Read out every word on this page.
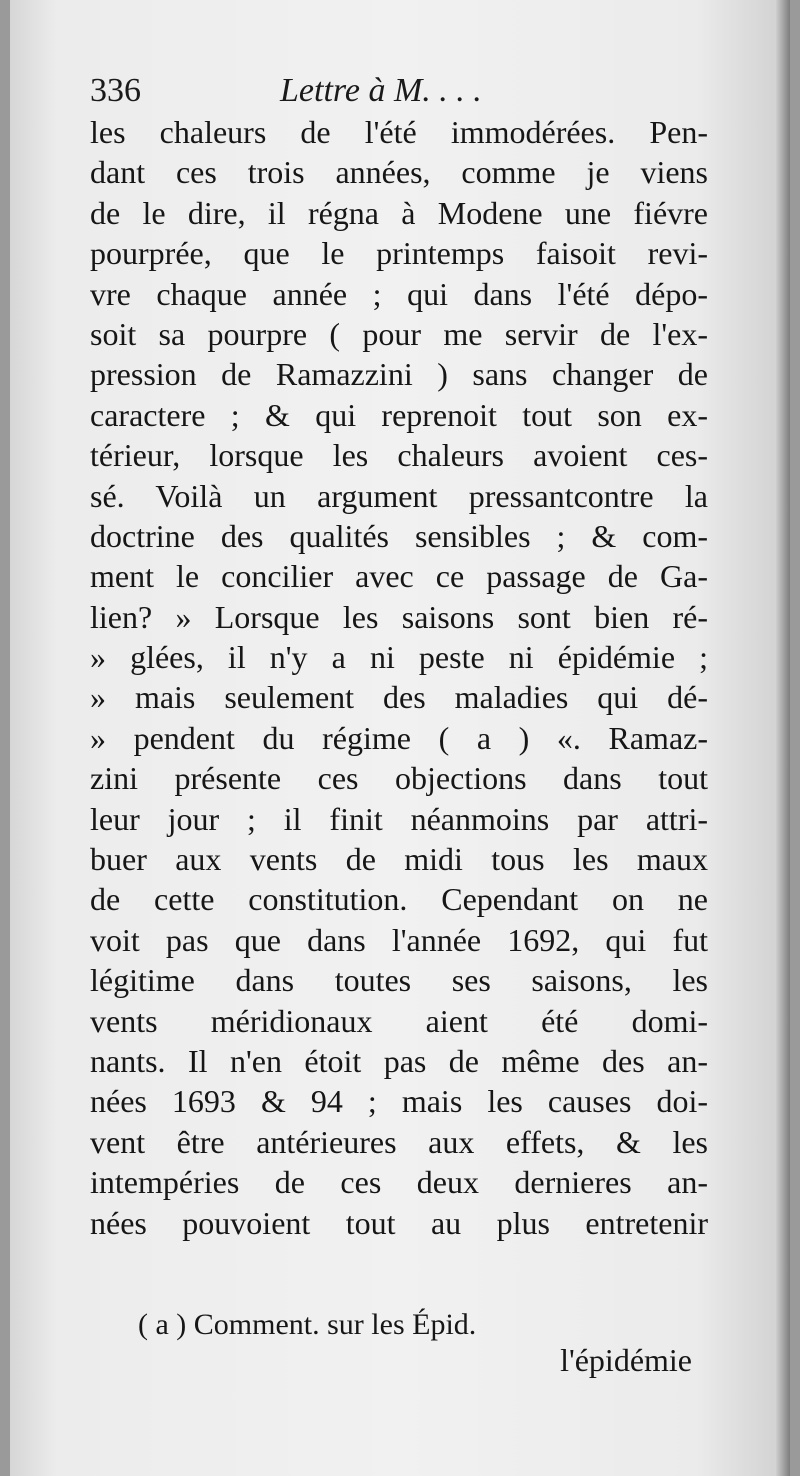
336	Lettre à M. . . .
les chaleurs de l'été immodérées. Pen-
dant ces trois années, comme je viens
de le dire, il régna à Modene une fiévre
pourprée, que le printemps faisoit revi-
vre chaque année ; qui dans l'été dépo-
soit sa pourpre ( pour me servir de l'ex-
pression de Ramazzini ) sans changer de
caractere ; & qui reprenoit tout son ex-
térieur, lorsque les chaleurs avoient ces-
sé. Voilà un argument pressantcontre la
doctrine des qualités sensibles ; & com-
ment le concilier avec ce passage de Ga-
lien? » Lorsque les saisons sont bien ré-
» glées, il n'y a ni peste ni épidémie ;
» mais seulement des maladies qui dé-
» pendent du régime ( a ) «. Ramaz-
zini présente ces objections dans tout
leur jour ; il finit néanmoins par attri-
buer aux vents de midi tous les maux
de cette constitution. Cependant on ne
voit pas que dans l'année 1692, qui fut
légitime dans toutes ses saisons, les
vents méridionaux aient été domi-
nants. Il n'en étoit pas de même des an-
nées 1693 & 94 ; mais les causes doi-
vent être antérieures aux effets, & les
intempéries de ces deux dernieres an-
nées pouvoient tout au plus entretenir
( a ) Comment. sur les Épid.
l'épidémie
